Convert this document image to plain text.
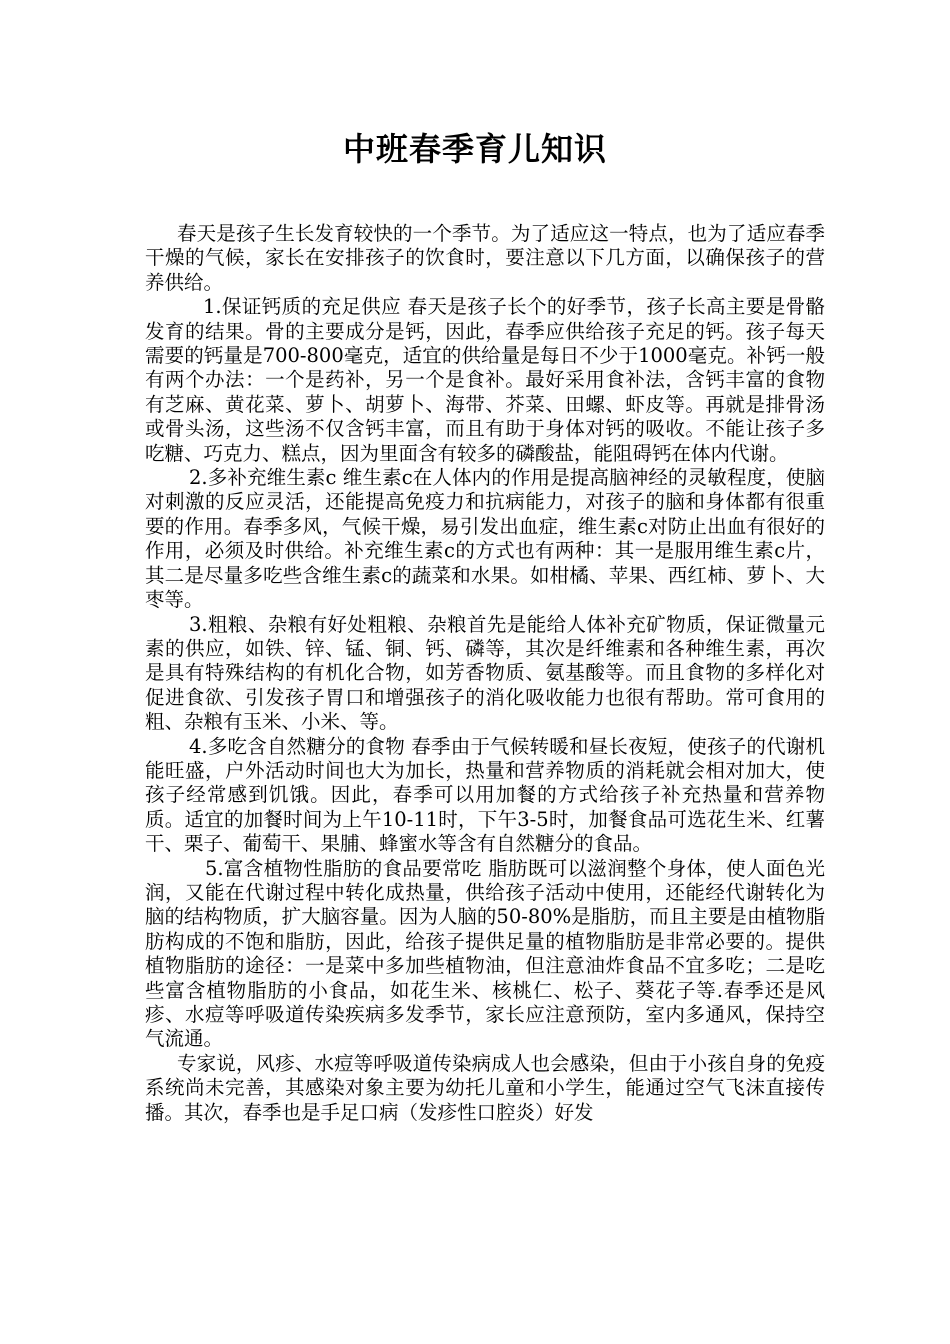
中班春季育儿知识

春天是孩子生长发育较快的一个季节。为了适应这一特点，也为了适应春季干燥的气候，家长在安排孩子的饮食时，要注意以下几方面，以确保孩子的营养供给。

1.保证钙质的充足供应 春天是孩子长个的好季节，孩子长高主要是骨骼发育的结果。骨的主要成分是钙，因此，春季应供给孩子充足的钙。孩子每天需要的钙量是700-800毫克，适宜的供给量是每日不少于1000毫克。补钙一般有两个办法：一个是药补，另一个是食补。最好采用食补法，含钙丰富的食物有芝麻、黄花菜、萝卜、胡萝卜、海带、芥菜、田螺、虾皮等。再就是排骨汤或骨头汤，这些汤不仅含钙丰富，而且有助于身体对钙的吸收。不能让孩子多吃糖、巧克力、糕点，因为里面含有较多的磷酸盐，能阻碍钙在体内代谢。

2.多补充维生素c 维生素c在人体内的作用是提高脑神经的灵敏程度，使脑对刺激的反应灵活，还能提高免疫力和抗病能力，对孩子的脑和身体都有很重要的作用。春季多风，气候干燥，易引发出血症，维生素c对防止出血有很好的作用，必须及时供给。补充维生素c的方式也有两种：其一是服用维生素c片，其二是尽量多吃些含维生素c的蔬菜和水果。如柑橘、苹果、西红柿、萝卜、大枣等。

3.粗粮、杂粮有好处粗粮、杂粮首先是能给人体补充矿物质，保证微量元素的供应，如铁、锌、锰、铜、钙、磷等，其次是纤维素和各种维生素，再次是具有特殊结构的有机化合物，如芳香物质、氨基酸等。而且食物的多样化对促进食欲、引发孩子胃口和增强孩子的消化吸收能力也很有帮助。常可食用的粗、杂粮有玉米、小米、等。

4.多吃含自然糖分的食物 春季由于气候转暖和昼长夜短，使孩子的代谢机能旺盛，户外活动时间也大为加长，热量和营养物质的消耗就会相对加大，使孩子经常感到饥饿。因此，春季可以用加餐的方式给孩子补充热量和营养物质。适宜的加餐时间为上午10-11时，下午3-5时，加餐食品可选花生米、红薯干、栗子、葡萄干、果脯、蜂蜜水等含有自然糖分的食品。

5.富含植物性脂肪的食品要常吃 脂肪既可以滋润整个身体，使人面色光润，又能在代谢过程中转化成热量，供给孩子活动中使用，还能经代谢转化为脑的结构物质，扩大脑容量。因为人脑的50-80%是脂肪，而且主要是由植物脂肪构成的不饱和脂肪，因此，给孩子提供足量的植物脂肪是非常必要的。提供植物脂肪的途径：一是菜中多加些植物油，但注意油炸食品不宜多吃；二是吃些富含植物脂肪的小食品，如花生米、核桃仁、松子、葵花子等.春季还是风疹、水痘等呼吸道传染疾病多发季节，家长应注意预防，室内多通风，保持空气流通。

专家说，风疹、水痘等呼吸道传染病成人也会感染，但由于小孩自身的免疫系统尚未完善，其感染对象主要为幼托儿童和小学生，能通过空气飞沫直接传播。其次，春季也是手足口病（发疹性口腔炎）好发
